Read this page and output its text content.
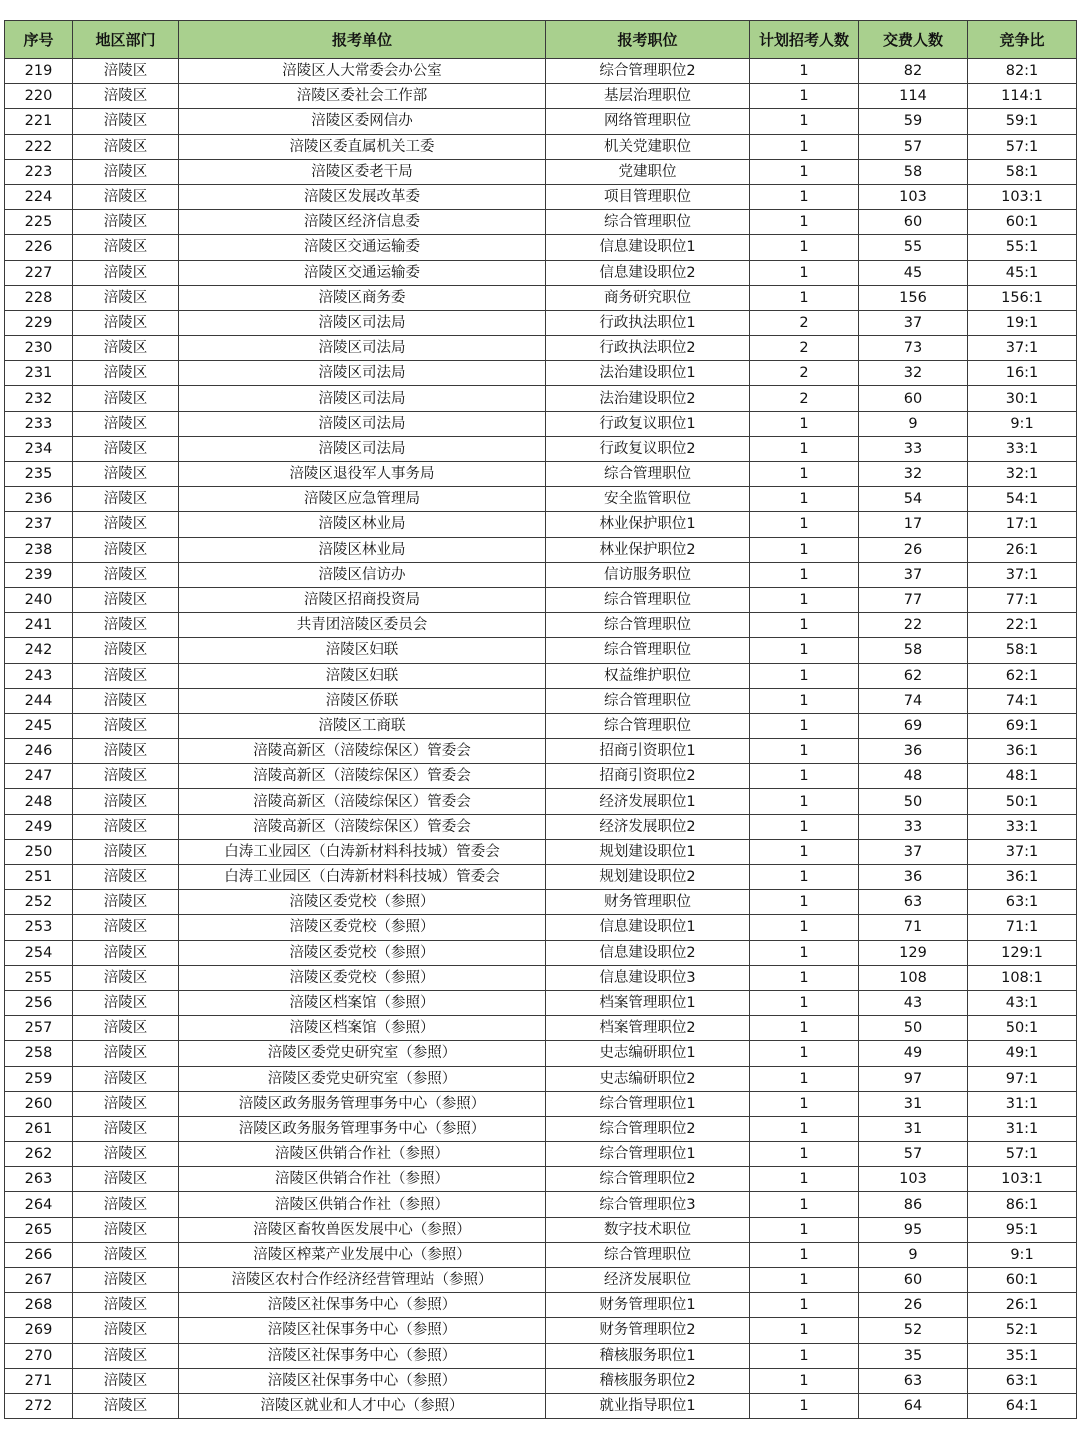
序号	地区部门	报考单位	报考职位	计划招考人数	交费人数	竞争比
219	涪陵区	涪陵区人大常委会办公室	综合管理职位2	1	82	82:1
220	涪陵区	涪陵区委社会工作部	基层治理职位	1	114	114:1
221	涪陵区	涪陵区委网信办	网络管理职位	1	59	59:1
222	涪陵区	涪陵区委直属机关工委	机关党建职位	1	57	57:1
223	涪陵区	涪陵区委老干局	党建职位	1	58	58:1
224	涪陵区	涪陵区发展改革委	项目管理职位	1	103	103:1
225	涪陵区	涪陵区经济信息委	综合管理职位	1	60	60:1
226	涪陵区	涪陵区交通运输委	信息建设职位1	1	55	55:1
227	涪陵区	涪陵区交通运输委	信息建设职位2	1	45	45:1
228	涪陵区	涪陵区商务委	商务研究职位	1	156	156:1
229	涪陵区	涪陵区司法局	行政执法职位1	2	37	19:1
230	涪陵区	涪陵区司法局	行政执法职位2	2	73	37:1
231	涪陵区	涪陵区司法局	法治建设职位1	2	32	16:1
232	涪陵区	涪陵区司法局	法治建设职位2	2	60	30:1
233	涪陵区	涪陵区司法局	行政复议职位1	1	9	9:1
234	涪陵区	涪陵区司法局	行政复议职位2	1	33	33:1
235	涪陵区	涪陵区退役军人事务局	综合管理职位	1	32	32:1
236	涪陵区	涪陵区应急管理局	安全监管职位	1	54	54:1
237	涪陵区	涪陵区林业局	林业保护职位1	1	17	17:1
238	涪陵区	涪陵区林业局	林业保护职位2	1	26	26:1
239	涪陵区	涪陵区信访办	信访服务职位	1	37	37:1
240	涪陵区	涪陵区招商投资局	综合管理职位	1	77	77:1
241	涪陵区	共青团涪陵区委员会	综合管理职位	1	22	22:1
242	涪陵区	涪陵区妇联	综合管理职位	1	58	58:1
243	涪陵区	涪陵区妇联	权益维护职位	1	62	62:1
244	涪陵区	涪陵区侨联	综合管理职位	1	74	74:1
245	涪陵区	涪陵区工商联	综合管理职位	1	69	69:1
246	涪陵区	涪陵高新区（涪陵综保区）管委会	招商引资职位1	1	36	36:1
247	涪陵区	涪陵高新区（涪陵综保区）管委会	招商引资职位2	1	48	48:1
248	涪陵区	涪陵高新区（涪陵综保区）管委会	经济发展职位1	1	50	50:1
249	涪陵区	涪陵高新区（涪陵综保区）管委会	经济发展职位2	1	33	33:1
250	涪陵区	白涛工业园区（白涛新材料科技城）管委会	规划建设职位1	1	37	37:1
251	涪陵区	白涛工业园区（白涛新材料科技城）管委会	规划建设职位2	1	36	36:1
252	涪陵区	涪陵区委党校（参照）	财务管理职位	1	63	63:1
253	涪陵区	涪陵区委党校（参照）	信息建设职位1	1	71	71:1
254	涪陵区	涪陵区委党校（参照）	信息建设职位2	1	129	129:1
255	涪陵区	涪陵区委党校（参照）	信息建设职位3	1	108	108:1
256	涪陵区	涪陵区档案馆（参照）	档案管理职位1	1	43	43:1
257	涪陵区	涪陵区档案馆（参照）	档案管理职位2	1	50	50:1
258	涪陵区	涪陵区委党史研究室（参照）	史志编研职位1	1	49	49:1
259	涪陵区	涪陵区委党史研究室（参照）	史志编研职位2	1	97	97:1
260	涪陵区	涪陵区政务服务管理事务中心（参照）	综合管理职位1	1	31	31:1
261	涪陵区	涪陵区政务服务管理事务中心（参照）	综合管理职位2	1	31	31:1
262	涪陵区	涪陵区供销合作社（参照）	综合管理职位1	1	57	57:1
263	涪陵区	涪陵区供销合作社（参照）	综合管理职位2	1	103	103:1
264	涪陵区	涪陵区供销合作社（参照）	综合管理职位3	1	86	86:1
265	涪陵区	涪陵区畜牧兽医发展中心（参照）	数字技术职位	1	95	95:1
266	涪陵区	涪陵区榨菜产业发展中心（参照）	综合管理职位	1	9	9:1
267	涪陵区	涪陵区农村合作经济经营管理站（参照）	经济发展职位	1	60	60:1
268	涪陵区	涪陵区社保事务中心（参照）	财务管理职位1	1	26	26:1
269	涪陵区	涪陵区社保事务中心（参照）	财务管理职位2	1	52	52:1
270	涪陵区	涪陵区社保事务中心（参照）	稽核服务职位1	1	35	35:1
271	涪陵区	涪陵区社保事务中心（参照）	稽核服务职位2	1	63	63:1
272	涪陵区	涪陵区就业和人才中心（参照）	就业指导职位1	1	64	64:1
